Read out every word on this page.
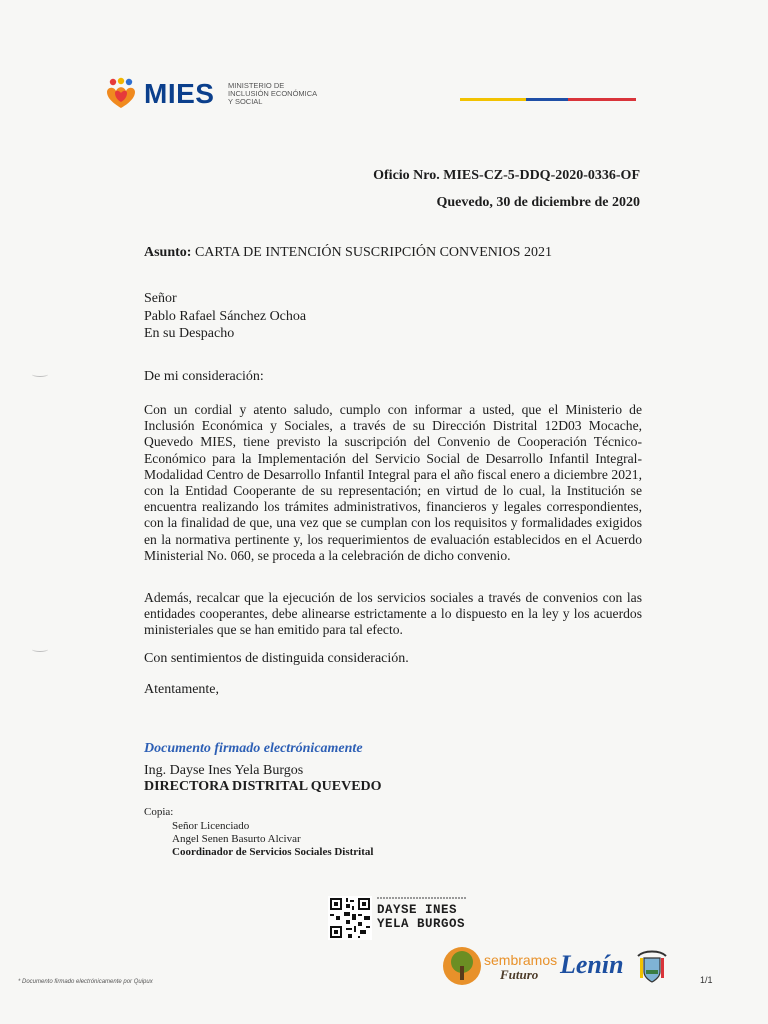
MIES MINISTERIO DE INCLUSIÓN ECONÓMICA Y SOCIAL
Oficio Nro. MIES-CZ-5-DDQ-2020-0336-OF
Quevedo, 30 de diciembre de 2020
Asunto: CARTA DE INTENCIÓN SUSCRIPCIÓN CONVENIOS 2021
Señor
Pablo Rafael Sánchez Ochoa
En su Despacho
De mi consideración:
Con un cordial y atento saludo, cumplo con informar a usted, que el Ministerio de Inclusión Económica y Sociales, a través de su Dirección Distrital 12D03 Mocache, Quevedo MIES, tiene previsto la suscripción del Convenio de Cooperación Técnico-Económico para la Implementación del Servicio Social de Desarrollo Infantil Integral-Modalidad Centro de Desarrollo Infantil Integral para el año fiscal enero a diciembre 2021, con la Entidad Cooperante de su representación; en virtud de lo cual, la Institución se encuentra realizando los trámites administrativos, financieros y legales correspondientes, con la finalidad de que, una vez que se cumplan con los requisitos y formalidades exigidos en la normativa pertinente y, los requerimientos de evaluación establecidos en el Acuerdo Ministerial No. 060, se proceda a la celebración de dicho convenio.
Además, recalcar que la ejecución de los servicios sociales a través de convenios con las entidades cooperantes, debe alinearse estrictamente a lo dispuesto en la ley y los acuerdos ministeriales que se han emitido para tal efecto.
Con sentimientos de distinguida consideración.
Atentamente,
Documento firmado electrónicamente
Ing. Dayse Ines Yela Burgos
DIRECTORA DISTRITAL QUEVEDO
Copia:
Señor Licenciado
Angel Senen Basurto Alcivar
Coordinador de Servicios Sociales Distrital
DAYSE INES
YELA BURGOS
sembramos
Futuro Lenín
* Documento firmado electrónicamente por Quipux	1/1
